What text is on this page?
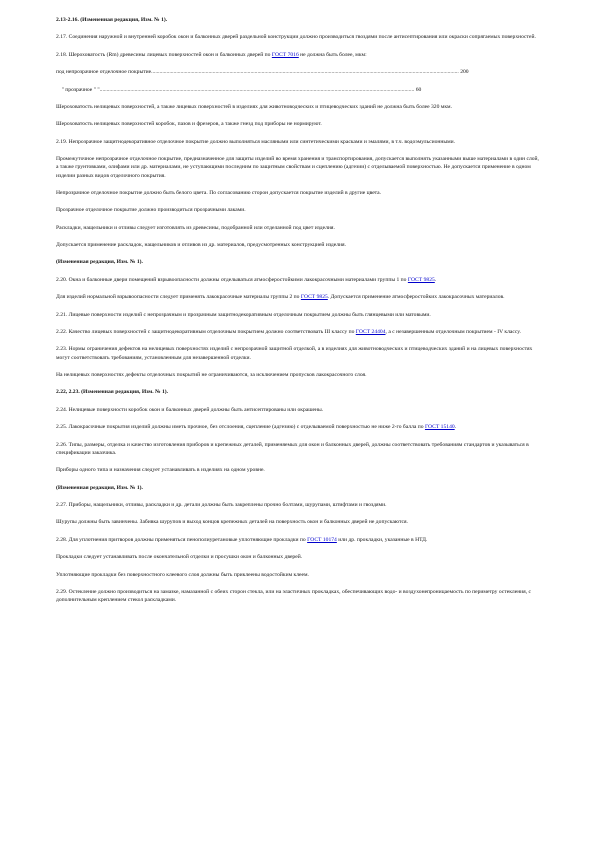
2.13-2.16. (Измененная редакция, Изм. № 1).

2.17. Соединения наружной и внутренней коробок окон и балконных дверей раздельной конструкции должно производиться гвоздями после антисептирования или окраски сопрягаемых поверхностей.

2.18. Шероховатость (Rm) древесины лицевых поверхностей окон и балконных дверей по ГОСТ 7016 не должна быть более, мкм:

под непрозрачное отделочное покрытие............................................................................................................................................................................................................................ 200

" прозрачное " "................................................................................................................................................................................................................................. 60

Шероховатость нелицевых поверхностей, а также лицевых поверхностей в изделиях для животноводческих и птицеводческих зданий не должна быть более 320 мкм.

Шероховатость нелицевых поверхностей коробок, пазов и фрезеров, а также гнезд под приборы не нормируют.

2.19. Непрозрачное защитнодекоративное отделочное покрытие должно выполняться масляными или синтетическими красками и эмалями, в т.ч. водоэмульсионными.

Промежуточное непрозрачное отделочное покрытие, предназначенное для защиты изделий во время хранения и транспортирования, допускается выполнять указанными выше материалами в один слой, а также грунтовками, олифами или др. материалами, не уступающими последним по защитным свойствам и сцеплению (адгезии) с отделываемой поверхностью. Не допускается применение в одном изделии разных видов отделочного покрытия.

Непрозрачное отделочное покрытие должно быть белого цвета. По согласованию сторон допускается покрытие изделий в другие цвета.

Прозрачное отделочное покрытие должно производиться прозрачными лаками.

Раскладки, нащельники и отливы следует изготовлять из древесины, подобранной или отделанной под цвет изделия.

Допускается применение раскладок, нащельников и отливов из др. материалов, предусмотренных конструкцией изделия.

(Измененная редакция, Изм. № 1).

2.20. Окна и балконные двери помещений взрывоопасности должны отделываться атмосферостойкими лакокрасочными материалами группы 1 по ГОСТ 9825.

Для изделий нормальной взрывоопасности следует применять лакокрасочные материалы группы 2 по ГОСТ 9825. Допускается применение атмосферостойких лакокрасочных материалов.

2.21. Лицевые поверхности изделий с непрозрачным и прозрачным защитнодекоративным отделочным покрытием должны быть глянцевыми или матовыми.

2.22. Качество лицевых поверхностей с защитнодекоративным отделочным покрытием должно соответствовать III классу по ГОСТ 24404, а с незавершенным отделочным покрытием - IV классу.

2.23. Нормы ограничения дефектов на нелицевых поверхностях изделий с непрозрачной защитной отделкой, а в изделиях для животноводческих и птицеводческих зданий и на лицевых поверхностях могут соответствовать требованиям, установленным для незавершенной отделки.

На нелицевых поверхностях дефекты отделочных покрытий не ограничиваются, за исключением пропусков лакокрасочного слоя.

2.22, 2.23. (Измененная редакция, Изм. № 1).

2.24. Нелицевые поверхности коробок окон и балконных дверей должны быть антисептированы или окрашены.

2.25. Лакокрасочные покрытия изделий должны иметь прочное, без отслоения, сцепление (адгезию) с отделываемой поверхностью не ниже 2-го балла по ГОСТ 15140.

2.26. Типы, размеры, отделка и качество изготовления приборов и крепежных деталей, применяемых для окон и балконных дверей, должны соответствовать требованиям стандартов и указываться в спецификации заказчика.

Приборы одного типа и назначения следует устанавливать в изделиях на одном уровне.

(Измененная редакция, Изм. № 1).

2.27. Приборы, нащельники, отливы, раскладки и др. детали должны быть закреплены прочно болтами, шурупами, штифтами и гвоздями.

Шурупы должны быть завинчены. Забивка шурупов и выход концов крепежных деталей на поверхность окон и балконных дверей не допускаются.

2.28. Для уплотнения притворов должны применяться пенополиуретановые уплотняющие прокладки по ГОСТ 10174 или др. прокладки, указанные в НТД.

Прокладки следует устанавливать после окончательной отделки и просушки окон и балконных дверей.

Уплотняющие прокладки без поверхностного клеевого слоя должны быть приклеены водостойким клеем.

2.29. Остекление должно производиться на замазке, намазанной с обеих сторон стекла, или на эластичных прокладках, обеспечивающих водо- и воздухонепроницаемость по периметру остекления, с дополнительным креплением стекол раскладками.
